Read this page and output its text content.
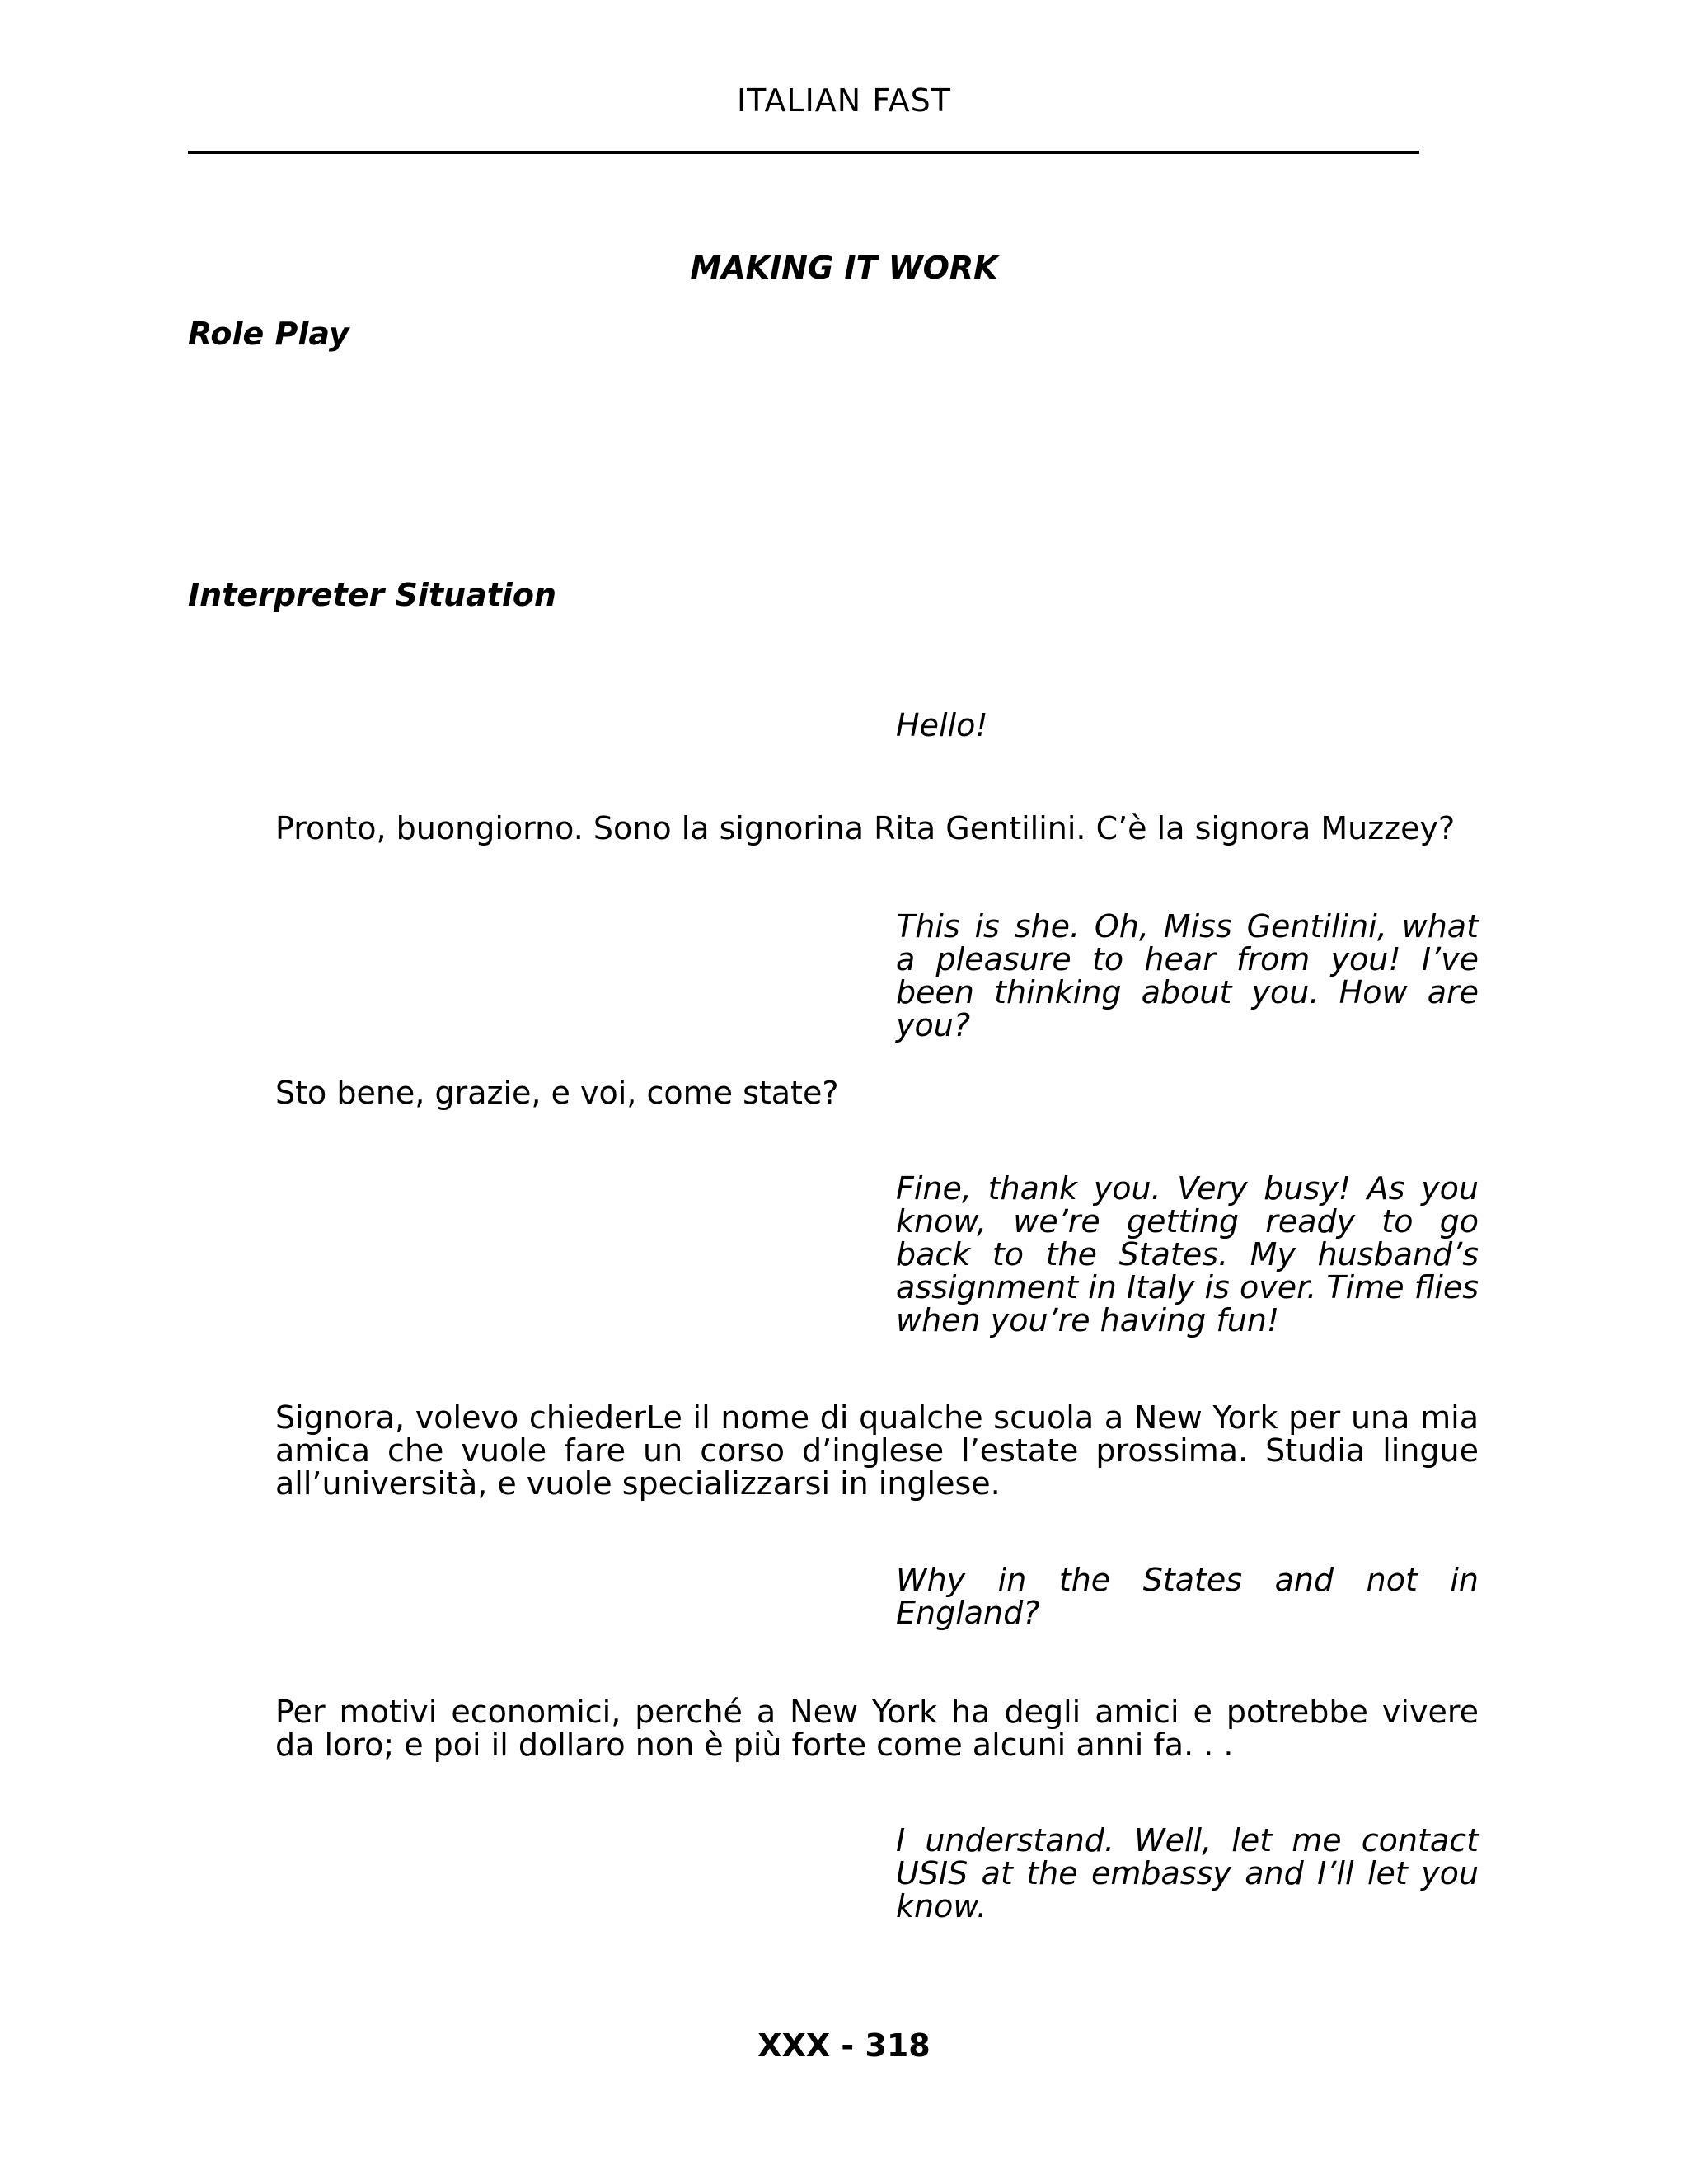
ITALIAN FAST
MAKING IT WORK
Role Play
Interpreter Situation
Hello!
Pronto, buongiorno. Sono la signorina Rita Gentilini. C’è la signora Muzzey?
This is she. Oh, Miss Gentilini, what a pleasure to hear from you! I’ve been thinking about you. How are you?
Sto bene, grazie, e voi, come state?
Fine, thank you. Very busy! As you know, we’re getting ready to go back to the States. My husband’s assignment in Italy is over. Time flies when you’re having fun!
Signora, volevo chiederLe il nome di qualche scuola a New York per una mia amica che vuole fare un corso d’inglese l’estate prossima. Studia lingue all’università, e vuole specializzarsi in inglese.
Why in the States and not in England?
Per motivi economici, perché a New York ha degli amici e potrebbe vivere da loro; e poi il dollaro non è più forte come alcuni anni fa. . .
I understand. Well, let me contact USIS at the embassy and I’ll let you know.
XXX - 318
